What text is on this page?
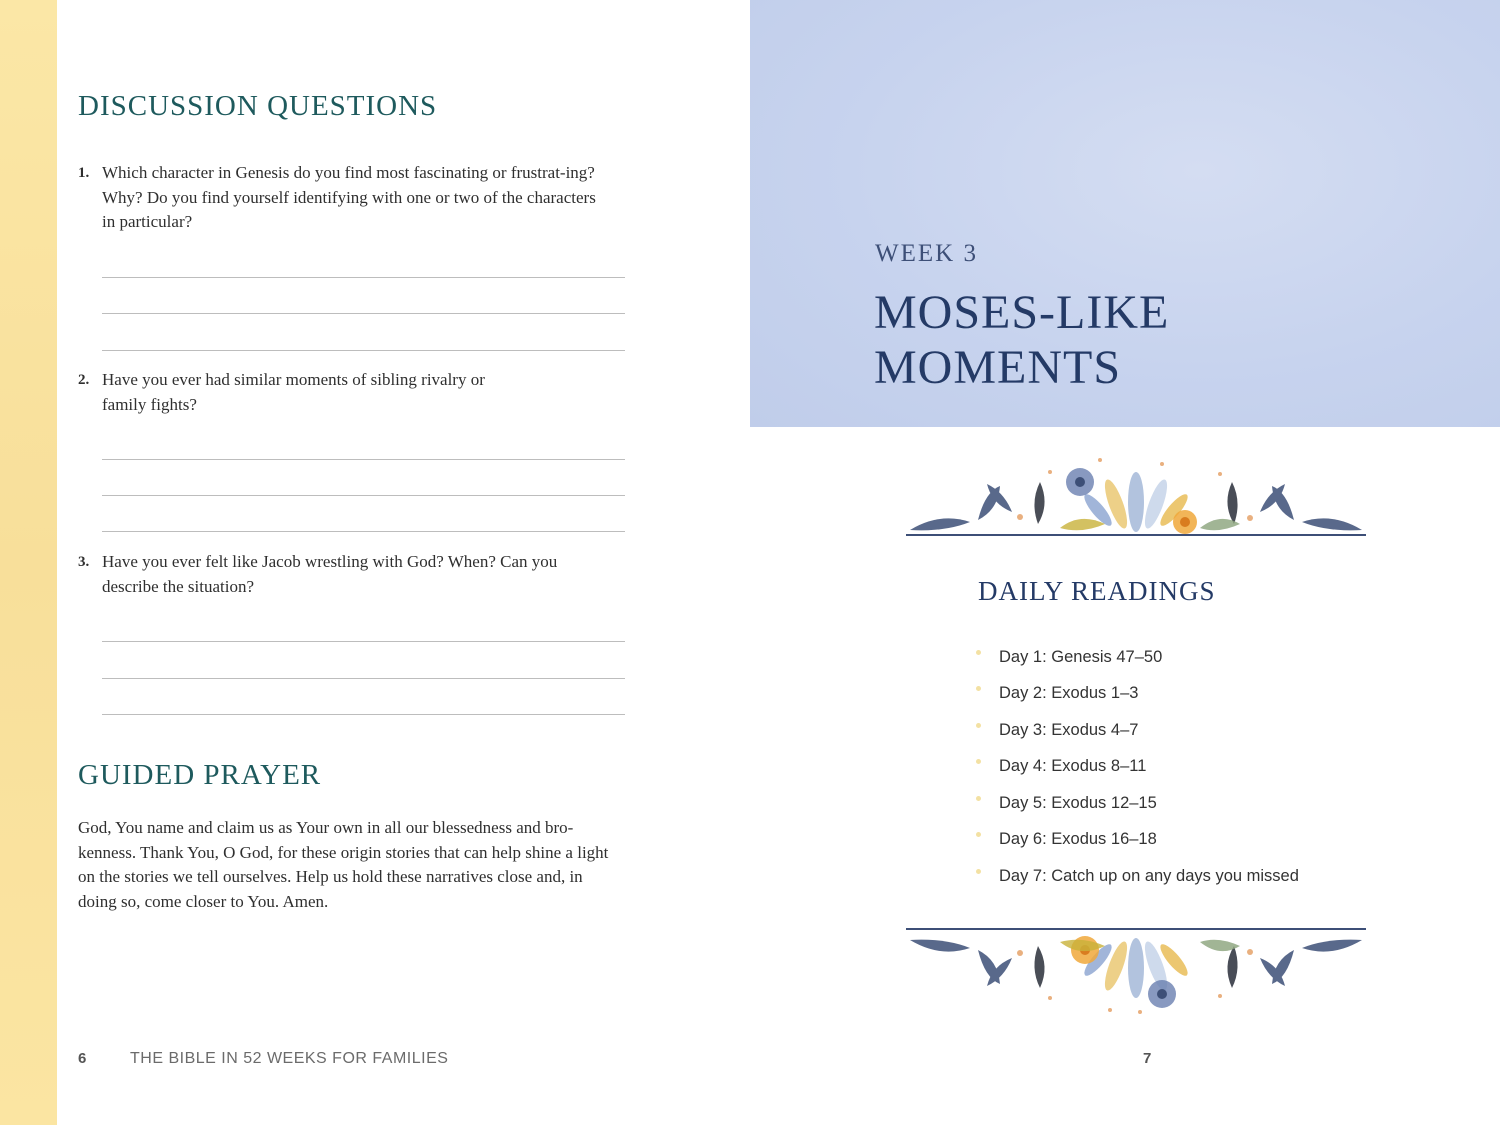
DISCUSSION QUESTIONS
1. Which character in Genesis do you find most fascinating or frustrat-ing? Why? Do you find yourself identifying with one or two of the characters in particular?
2. Have you ever had similar moments of sibling rivalry or family fights?
3. Have you ever felt like Jacob wrestling with God? When? Can you describe the situation?
GUIDED PRAYER

God, You name and claim us as Your own in all our blessedness and bro-kenness. Thank You, O God, for these origin stories that can help shine a light on the stories we tell ourselves. Help us hold these narratives close and, in doing so, come closer to You. Amen.

6	THE BIBLE IN 52 WEEKS FOR FAMILIES
WEEK 3
MOSES-LIKE
MOMENTS
DAILY READINGS
Day 1: Genesis 47–50
Day 2: Exodus 1–3
Day 3: Exodus 4–7
Day 4: Exodus 8–11
Day 5: Exodus 12–15
Day 6: Exodus 16–18
Day 7: Catch up on any days you missed
7
